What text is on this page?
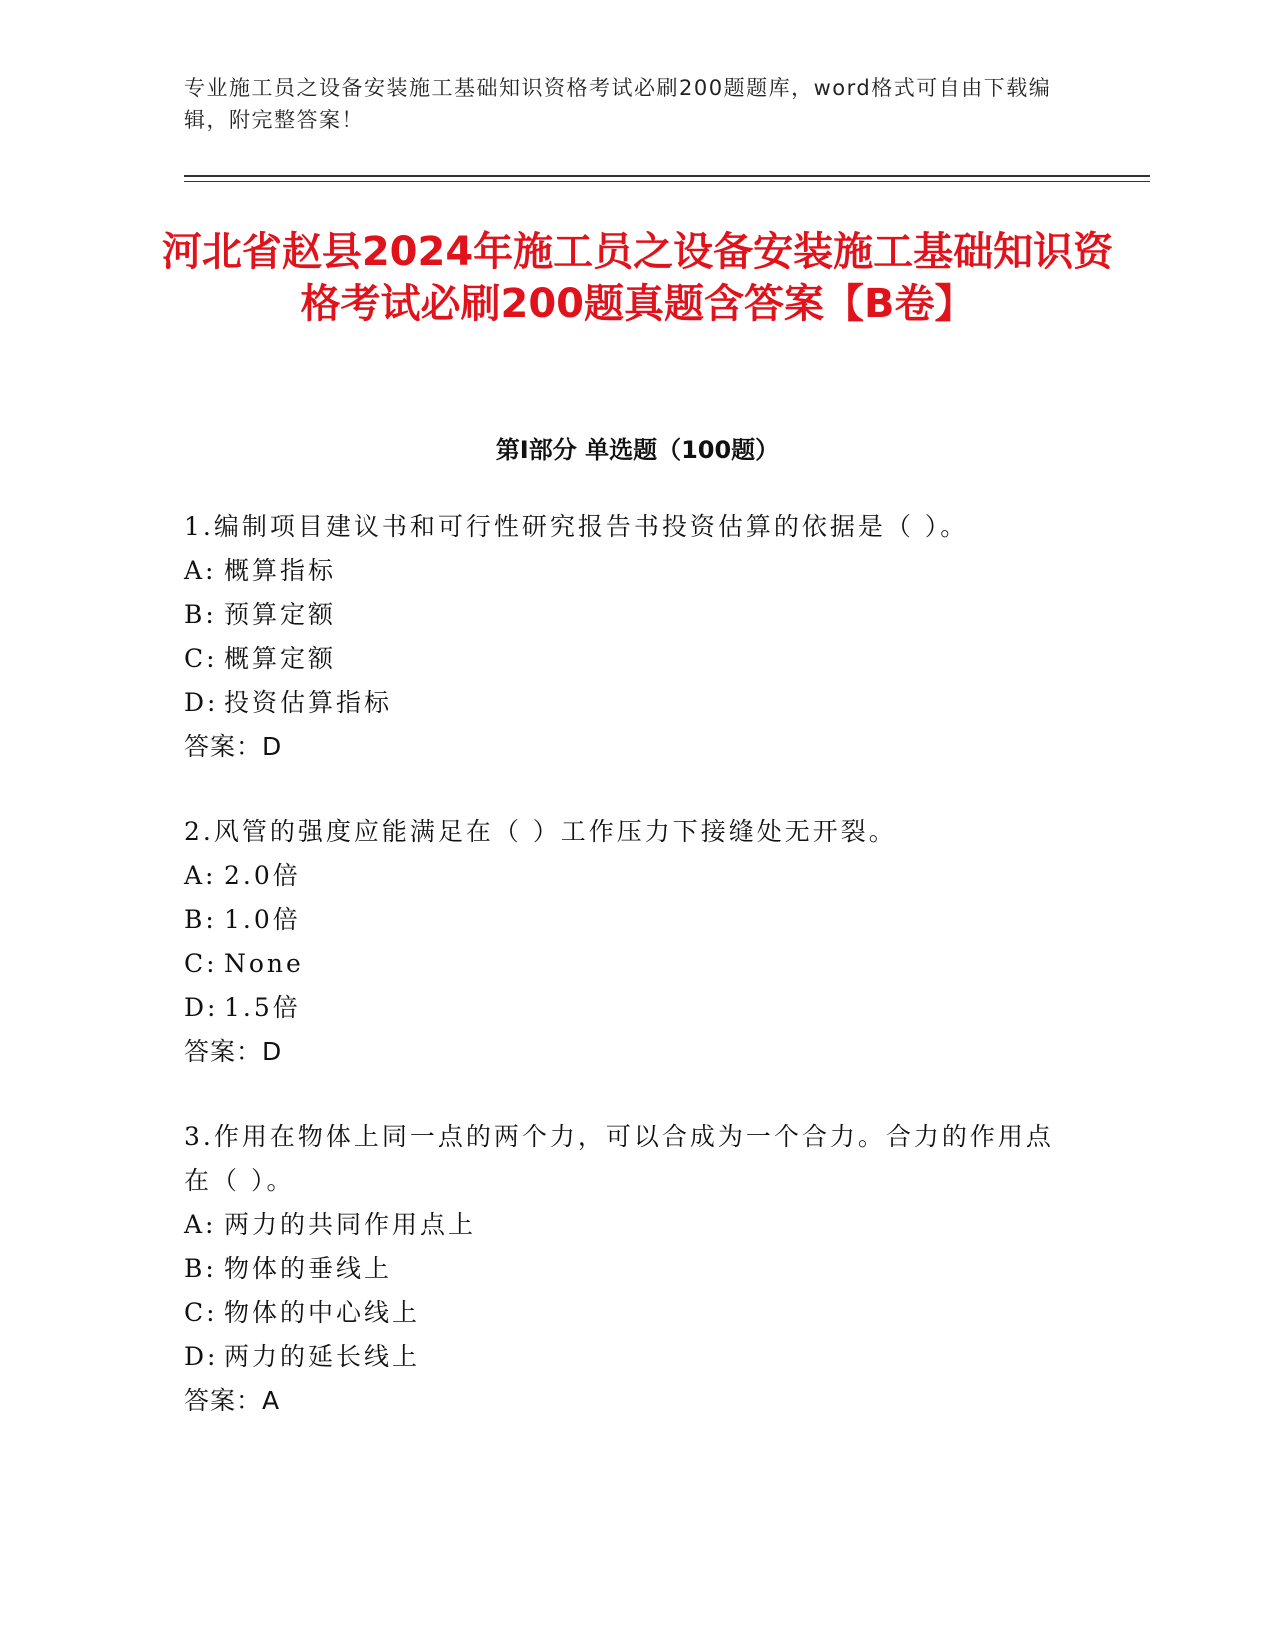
专业施工员之设备安装施工基础知识资格考试必刷200题题库，word格式可自由下载编辑，附完整答案！
河北省赵县2024年施工员之设备安装施工基础知识资格考试必刷200题真题含答案【B卷】
第I部分 单选题（100题）

1.编制项目建议书和可行性研究报告书投资估算的依据是（ ）。

A: 概算指标

B: 预算定额

C: 概算定额

D: 投资估算指标

答案：D

2.风管的强度应能满足在（ ）工作压力下接缝处无开裂。

A: 2.0倍

B: 1.0倍

C: None

D: 1.5倍

答案：D

3.作用在物体上同一点的两个力，可以合成为一个合力。合力的作用点在（ ）。

A: 两力的共同作用点上

B: 物体的垂线上

C: 物体的中心线上

D: 两力的延长线上

答案：A
